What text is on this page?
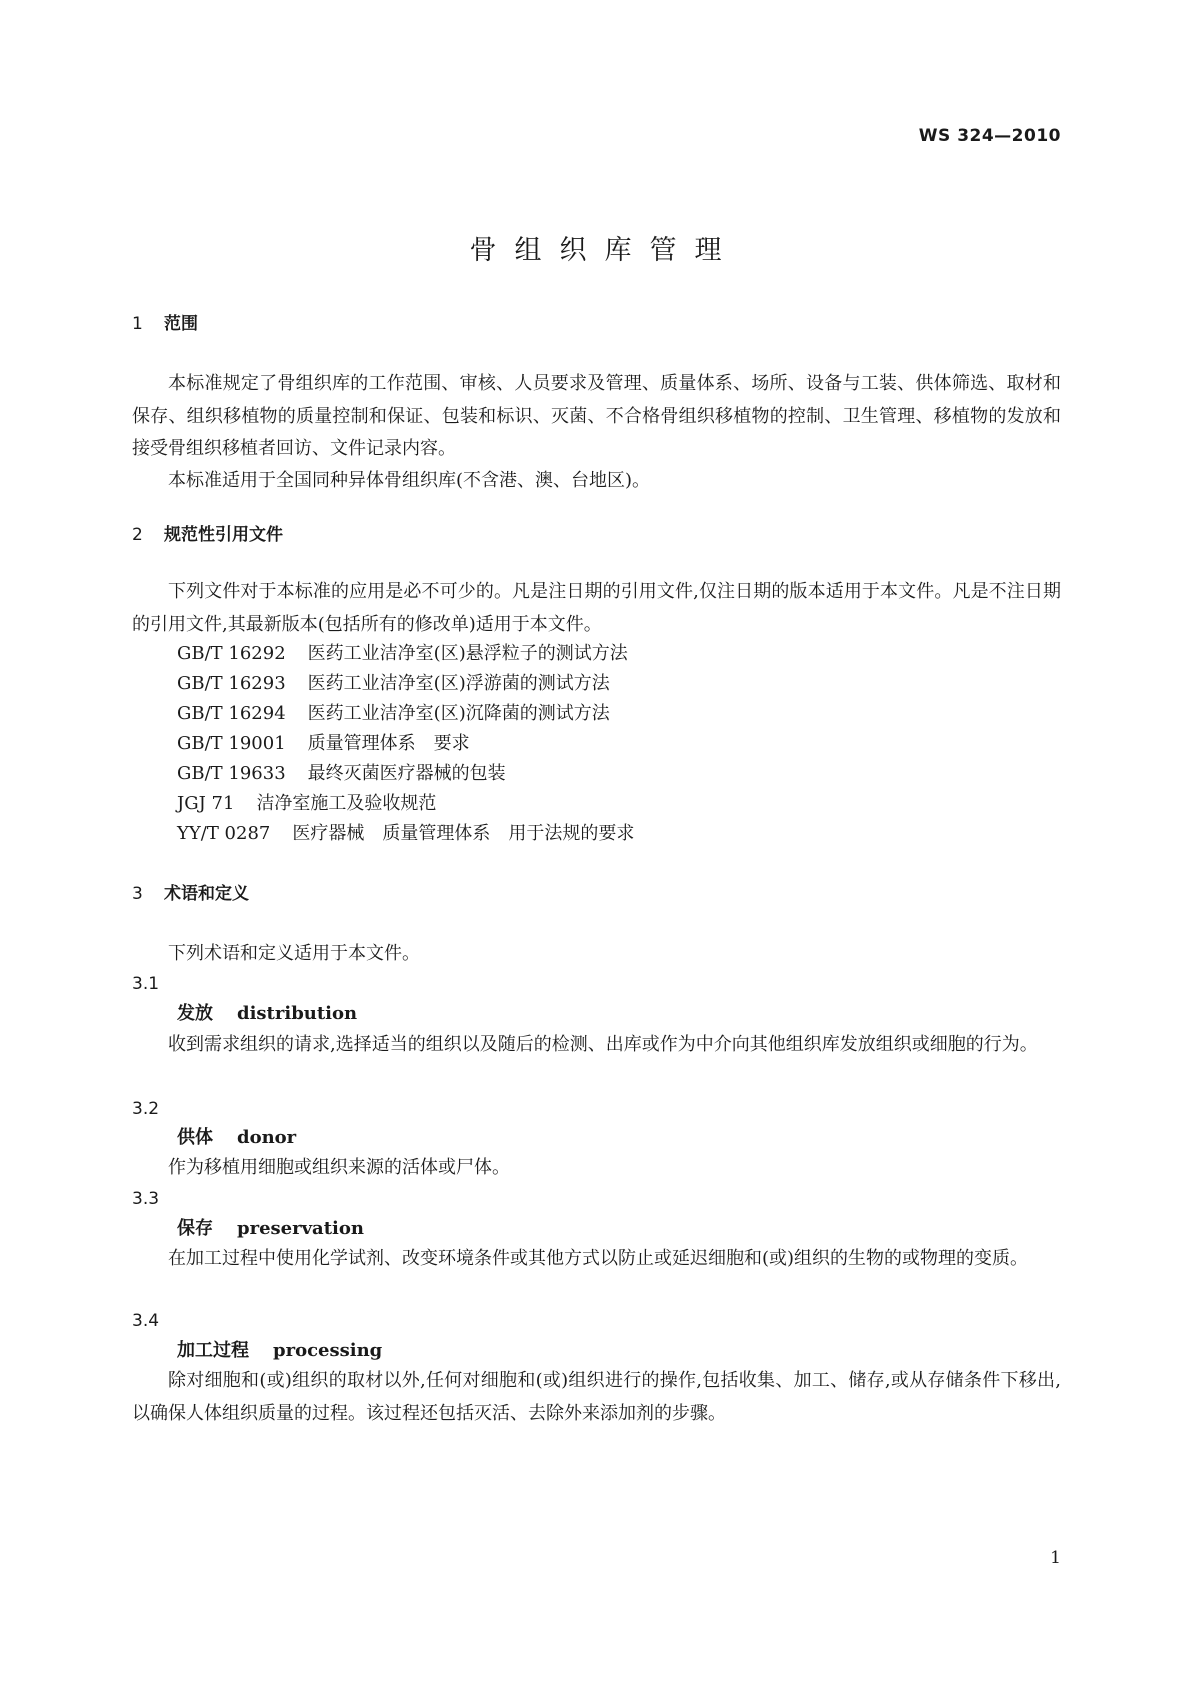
WS 324—2010
骨组织库管理
1 范围

本标准规定了骨组织库的工作范围、审核、人员要求及管理、质量体系、场所、设备与工装、供体筛选、取材和保存、组织移植物的质量控制和保证、包装和标识、灭菌、不合格骨组织移植物的控制、卫生管理、移植物的发放和接受骨组织移植者回访、文件记录内容。

本标准适用于全国同种异体骨组织库(不含港、澳、台地区)。

2 规范性引用文件

下列文件对于本标准的应用是必不可少的。凡是注日期的引用文件,仅注日期的版本适用于本文件。凡是不注日期的引用文件,其最新版本(包括所有的修改单)适用于本文件。

GB/T 16292 医药工业洁净室(区)悬浮粒子的测试方法
GB/T 16293 医药工业洁净室(区)浮游菌的测试方法
GB/T 16294 医药工业洁净室(区)沉降菌的测试方法
GB/T 19001 质量管理体系　要求
GB/T 19633 最终灭菌医疗器械的包装
JGJ 71 洁净室施工及验收规范
YY/T 0287 医疗器械　质量管理体系　用于法规的要求
3 术语和定义

下列术语和定义适用于本文件。

3.1
发放 distribution

收到需求组织的请求,选择适当的组织以及随后的检测、出库或作为中介向其他组织库发放组织或细胞的行为。

3.2
供体 donor

作为移植用细胞或组织来源的活体或尸体。

3.3
保存 preservation

在加工过程中使用化学试剂、改变环境条件或其他方式以防止或延迟细胞和(或)组织的生物的或物理的变质。

3.4
加工过程 processing

除对细胞和(或)组织的取材以外,任何对细胞和(或)组织进行的操作,包括收集、加工、储存,或从存储条件下移出,以确保人体组织质量的过程。该过程还包括灭活、去除外来添加剂的步骤。

1
